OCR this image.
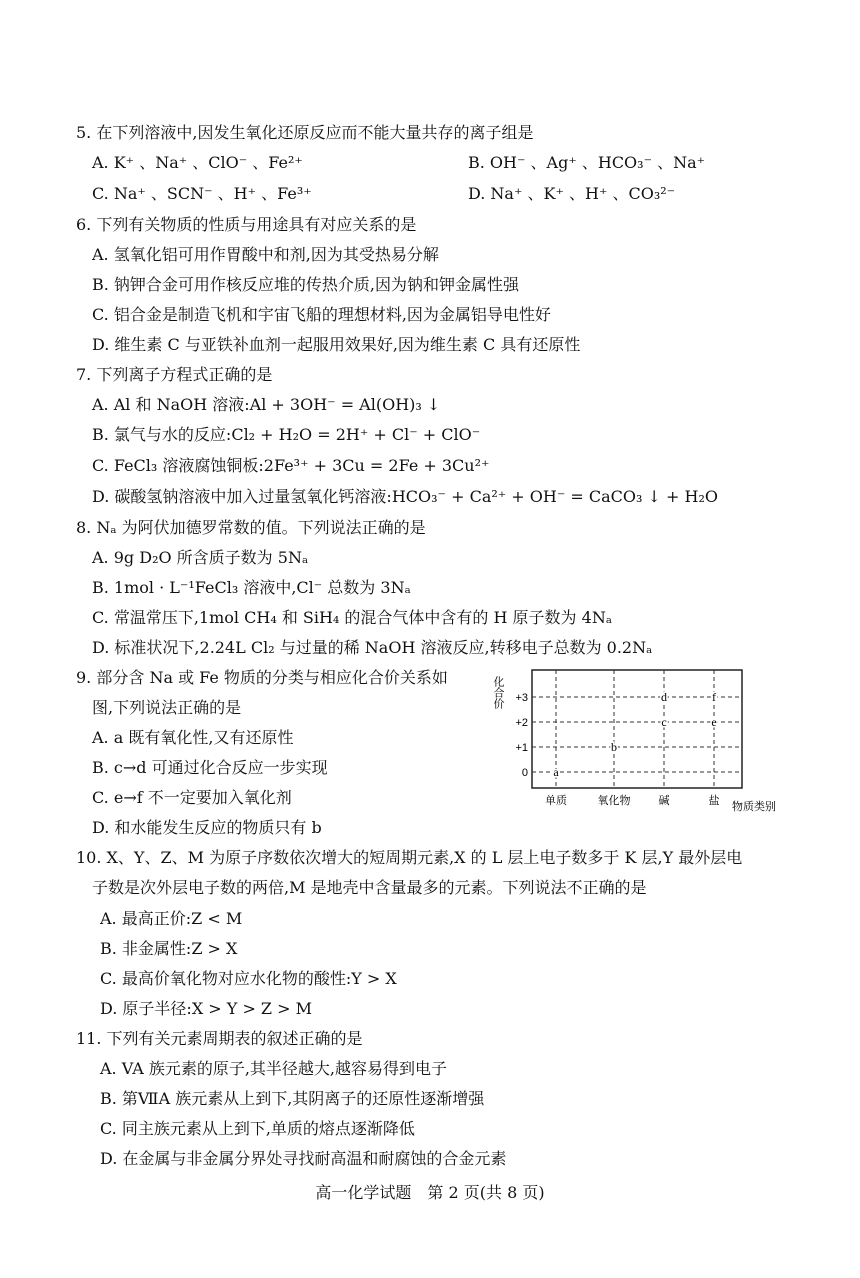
5. 在下列溶液中,因发生氧化还原反应而不能大量共存的离子组是
A. K⁺ 、Na⁺ 、ClO⁻ 、Fe²⁺	B. OH⁻ 、Ag⁺ 、HCO₃⁻ 、Na⁺
C. Na⁺ 、SCN⁻ 、H⁺ 、Fe³⁺	D. Na⁺ 、K⁺ 、H⁺ 、CO₃²⁻
6. 下列有关物质的性质与用途具有对应关系的是
A. 氢氧化铝可用作胃酸中和剂,因为其受热易分解
B. 钠钾合金可用作核反应堆的传热介质,因为钠和钾金属性强
C. 铝合金是制造飞机和宇宙飞船的理想材料,因为金属铝导电性好
D. 维生素 C 与亚铁补血剂一起服用效果好,因为维生素 C 具有还原性
7. 下列离子方程式正确的是
A. Al 和 NaOH 溶液:Al + 3OH⁻ = Al(OH)₃ ↓
B. 氯气与水的反应:Cl₂ + H₂O = 2H⁺ + Cl⁻ + ClO⁻
C. FeCl₃ 溶液腐蚀铜板:2Fe³⁺ + 3Cu = 2Fe + 3Cu²⁺
D. 碳酸氢钠溶液中加入过量氢氧化钙溶液:HCO₃⁻ + Ca²⁺ + OH⁻ = CaCO₃ ↓ + H₂O
8. Nₐ 为阿伏加德罗常数的值。下列说法正确的是
A. 9g D₂O 所含质子数为 5Nₐ
B. 1mol · L⁻¹FeCl₃ 溶液中,Cl⁻ 总数为 3Nₐ
C. 常温常压下,1mol CH₄ 和 SiH₄ 的混合气体中含有的 H 原子数为 4Nₐ
D. 标准状况下,2.24L Cl₂ 与过量的稀 NaOH 溶液反应,转移电子总数为 0.2Nₐ
9. 部分含 Na 或 Fe 物质的分类与相应化合价关系如
图,下列说法正确的是
A. a 既有氧化性,又有还原性
B. c→d 可通过化合反应一步实现
C. e→f 不一定要加入氧化剂
D. 和水能发生反应的物质只有 b
化合价
0
+1
+2
+3
a
b
c
d
e
f
单质	氧化物	碱	盐 物质类别
10. X、Y、Z、M 为原子序数依次增大的短周期元素,X 的 L 层上电子数多于 K 层,Y 最外层电
子数是次外层电子数的两倍,M 是地壳中含量最多的元素。下列说法不正确的是
A. 最高正价:Z < M
B. 非金属性:Z > X
C. 最高价氧化物对应水化物的酸性:Y > X
D. 原子半径:X > Y > Z > M
11. 下列有关元素周期表的叙述正确的是
A. VA 族元素的原子,其半径越大,越容易得到电子
B. 第ⅦA 族元素从上到下,其阴离子的还原性逐渐增强
C. 同主族元素从上到下,单质的熔点逐渐降低
D. 在金属与非金属分界处寻找耐高温和耐腐蚀的合金元素
高一化学试题　第 2 页(共 8 页)
